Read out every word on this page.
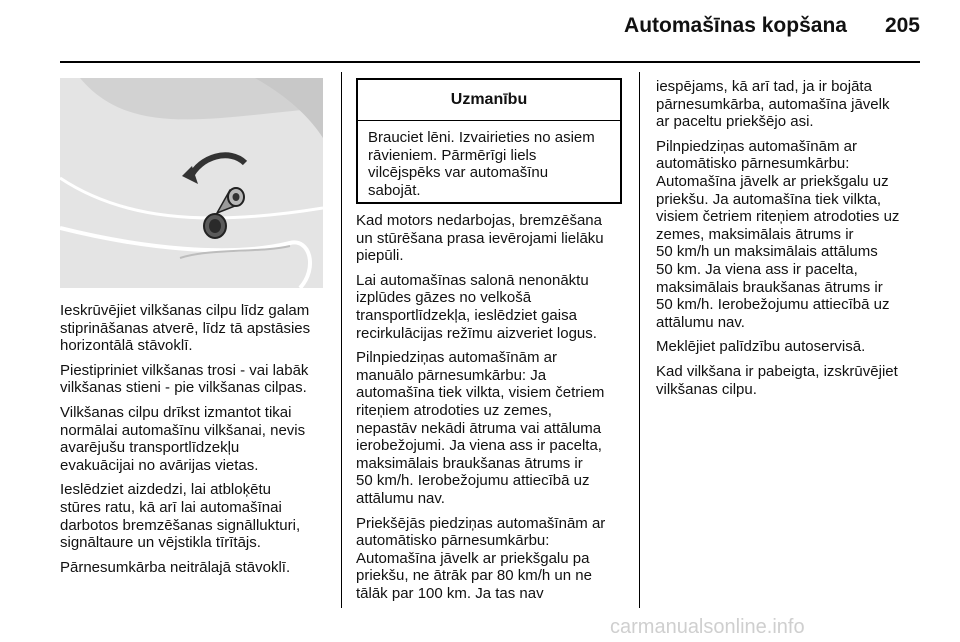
Automašīnas kopšana 205

Ieskrūvējiet vilkšanas cilpu līdz galam
stiprināšanas atverē, līdz tā apstāsies
horizontālā stāvoklī.

Piestipriniet vilkšanas trosi - vai labāk
vilkšanas stieni - pie vilkšanas cilpas.

Vilkšanas cilpu drīkst izmantot tikai
normālai automašīnu vilkšanai, nevis
avarējušu transportlīdzekļu
evakuācijai no avārijas vietas.

Ieslēdziet aizdedzi, lai atbloķētu
stūres ratu, kā arī lai automašīnai
darbotos bremzēšanas signāllukturi,
signāltaure un vējstikla tīrītājs.

Pārnesumkārba neitrālajā stāvoklī.

Uzmanību
Brauciet lēni. Izvairieties no asiem
rāvieniem. Pārmērīgi liels
vilcējspēks var automašīnu
sabojāt.

Kad motors nedarbojas, bremzēšana
un stūrēšana prasa ievērojami lielāku
piepūli.

Lai automašīnas salonā nenonāktu
izplūdes gāzes no velkošā
transportlīdzekļa, ieslēdziet gaisa
recirkulācijas režīmu aizveriet logus.

Pilnpiedziņas automašīnām ar
manuālo pārnesumkārbu: Ja
automašīna tiek vilkta, visiem četriem
riteņiem atrodoties uz zemes,
nepastāv nekādi ātruma vai attāluma
ierobežojumi. Ja viena ass ir pacelta,
maksimālais braukšanas ātrums ir
50 km/h. Ierobežojumu attiecībā uz
attālumu nav.

Priekšējās piedziņas automašīnām ar
automātisko pārnesumkārbu:
Automašīna jāvelk ar priekšgalu pa
priekšu, ne ātrāk par 80 km/h un ne
tālāk par 100 km. Ja tas nav

iespējams, kā arī tad, ja ir bojāta
pārnesumkārba, automašīna jāvelk
ar paceltu priekšējo asi.

Pilnpiedziņas automašīnām ar
automātisko pārnesumkārbu:
Automašīna jāvelk ar priekšgalu uz
priekšu. Ja automašīna tiek vilkta,
visiem četriem riteņiem atrodoties uz
zemes, maksimālais ātrums ir
50 km/h un maksimālais attālums
50 km. Ja viena ass ir pacelta,
maksimālais braukšanas ātrums ir
50 km/h. Ierobežojumu attiecībā uz
attālumu nav.

Meklējiet palīdzību autoservisā.

Kad vilkšana ir pabeigta, izskrūvējiet
vilkšanas cilpu.

carmanualsonline.info
